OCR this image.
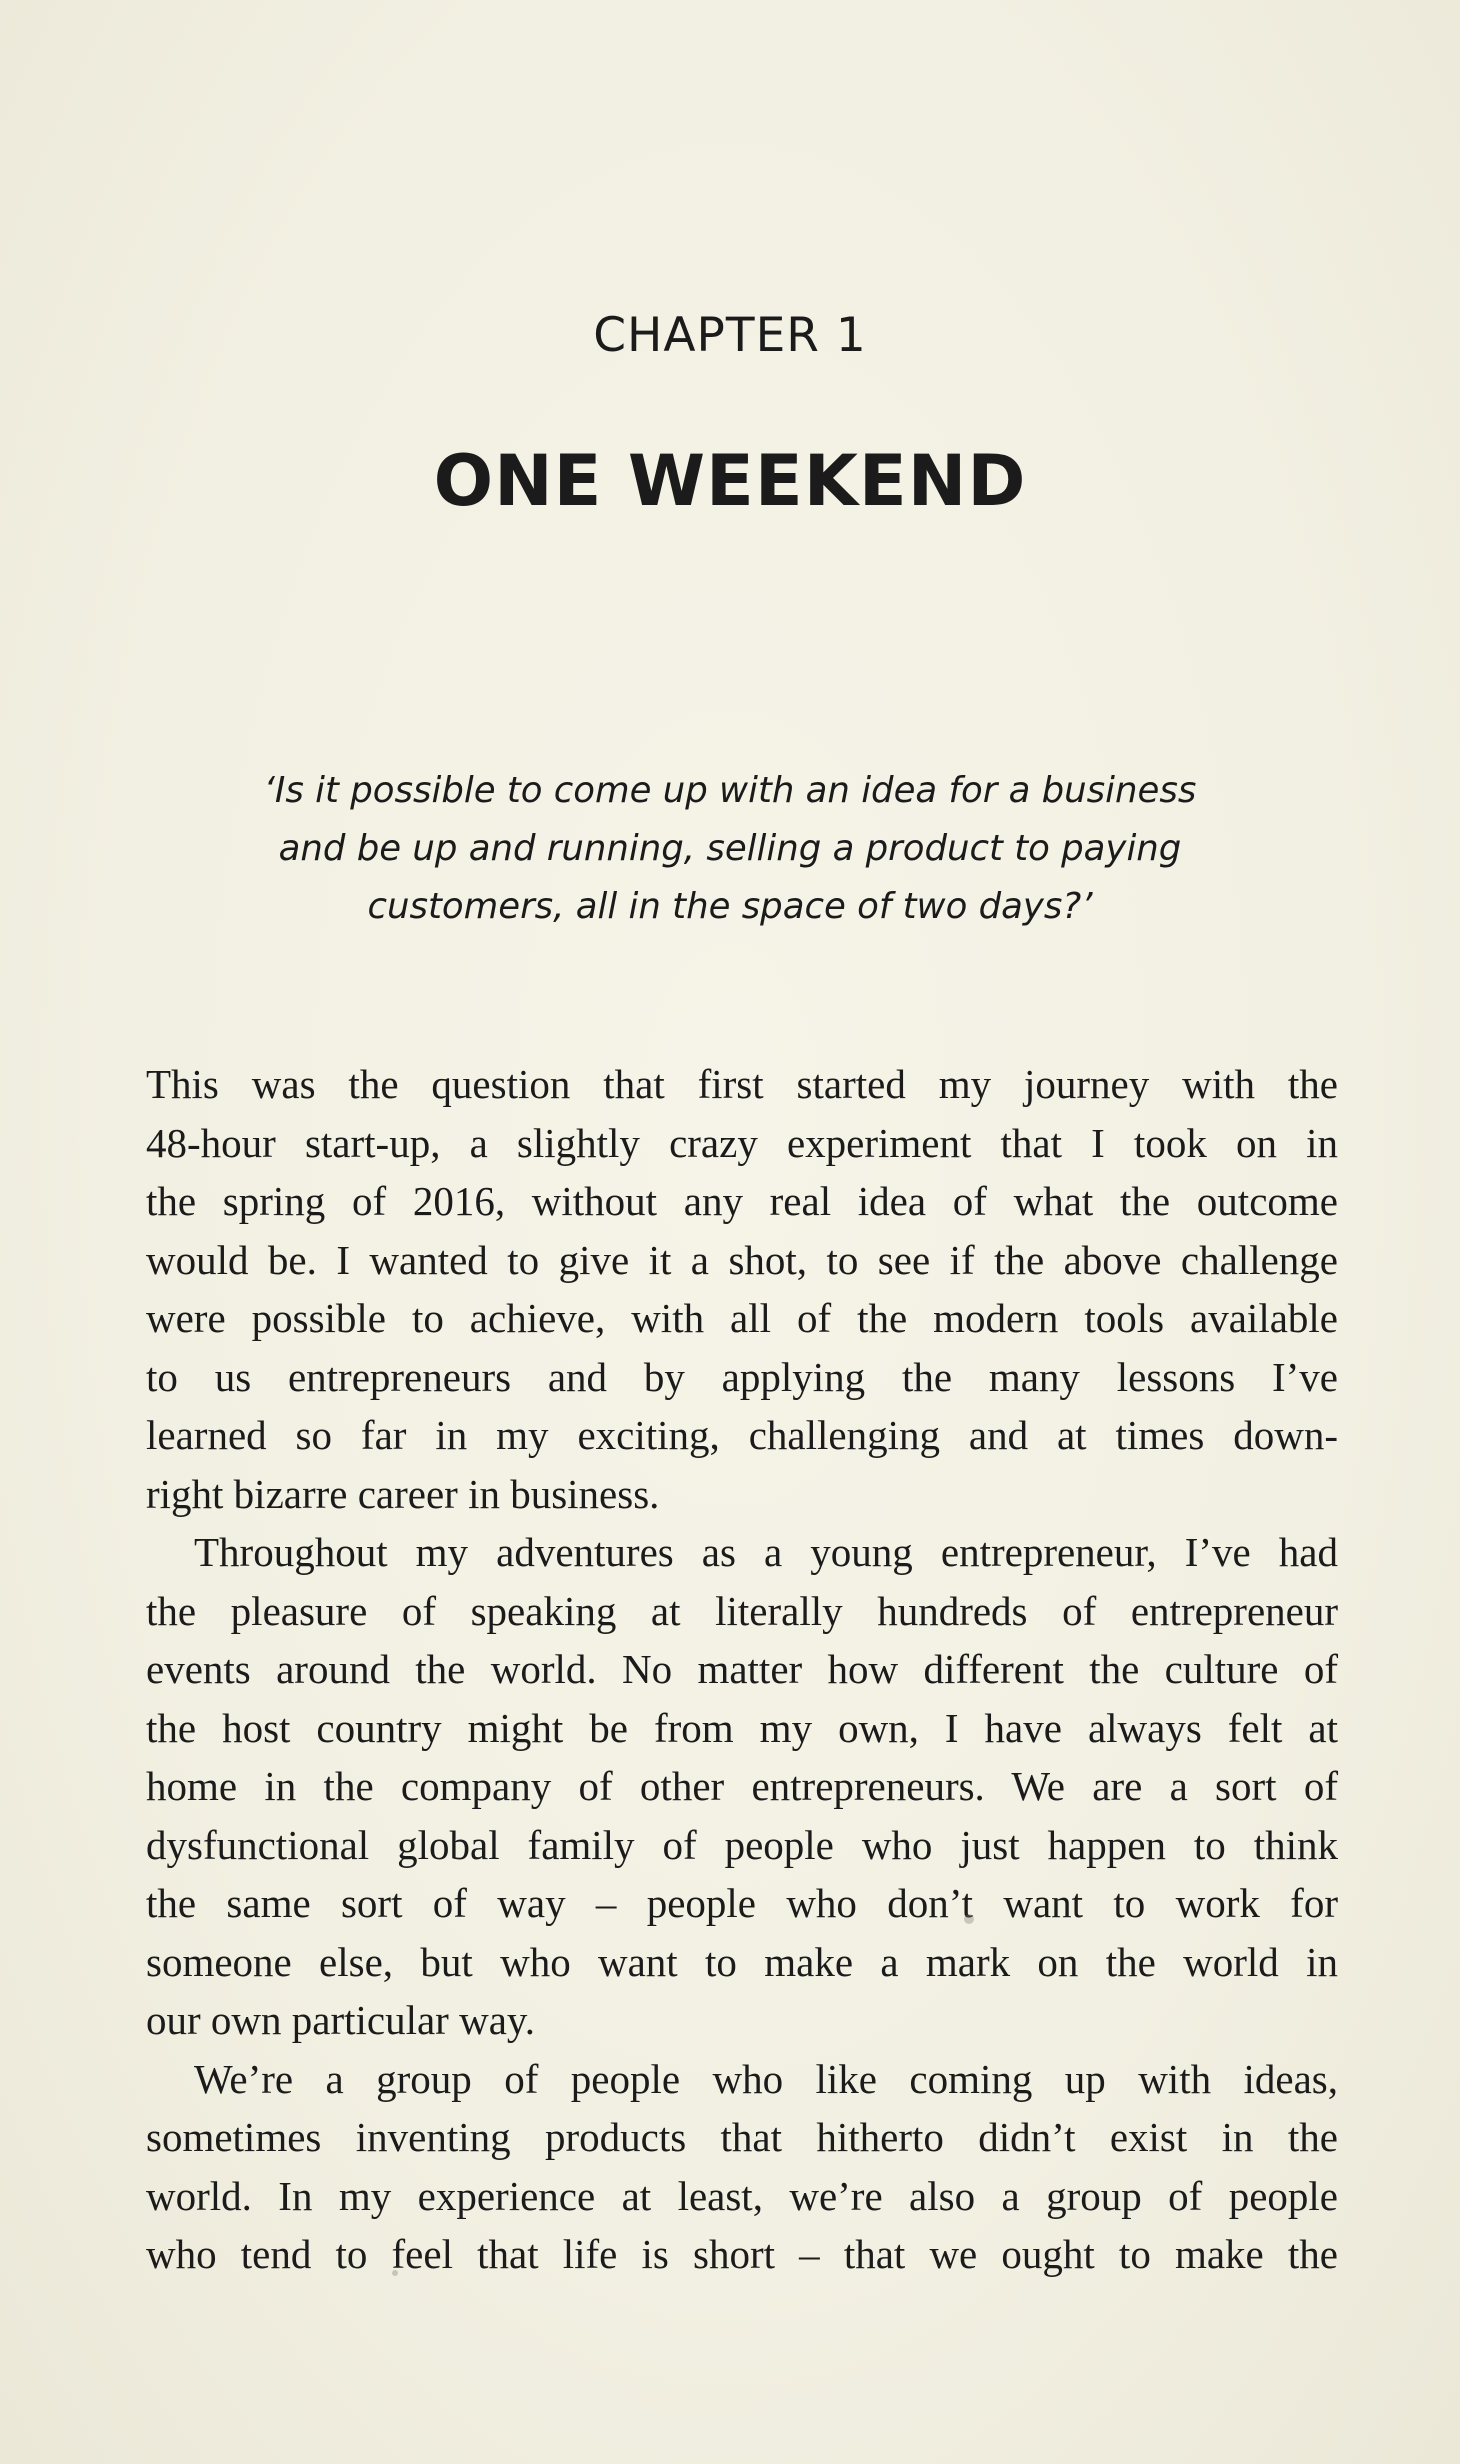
CHAPTER 1
ONE WEEKEND

‘Is it possible to come up with an idea for a business
and be up and running, selling a product to paying
customers, all in the space of two days?’

This was the question that first started my journey with the
48-hour start-up, a slightly crazy experiment that I took on in
the spring of 2016, without any real idea of what the outcome
would be. I wanted to give it a shot, to see if the above challenge
were possible to achieve, with all of the modern tools available
to us entrepreneurs and by applying the many lessons I’ve
learned so far in my exciting, challenging and at times down-
right bizarre career in business.

Throughout my adventures as a young entrepreneur, I’ve had
the pleasure of speaking at literally hundreds of entrepreneur
events around the world. No matter how different the culture of
the host country might be from my own, I have always felt at
home in the company of other entrepreneurs. We are a sort of
dysfunctional global family of people who just happen to think
the same sort of way – people who don’t want to work for
someone else, but who want to make a mark on the world in
our own particular way.

We’re a group of people who like coming up with ideas,
sometimes inventing products that hitherto didn’t exist in the
world. In my experience at least, we’re also a group of people
who tend to feel that life is short – that we ought to make the
